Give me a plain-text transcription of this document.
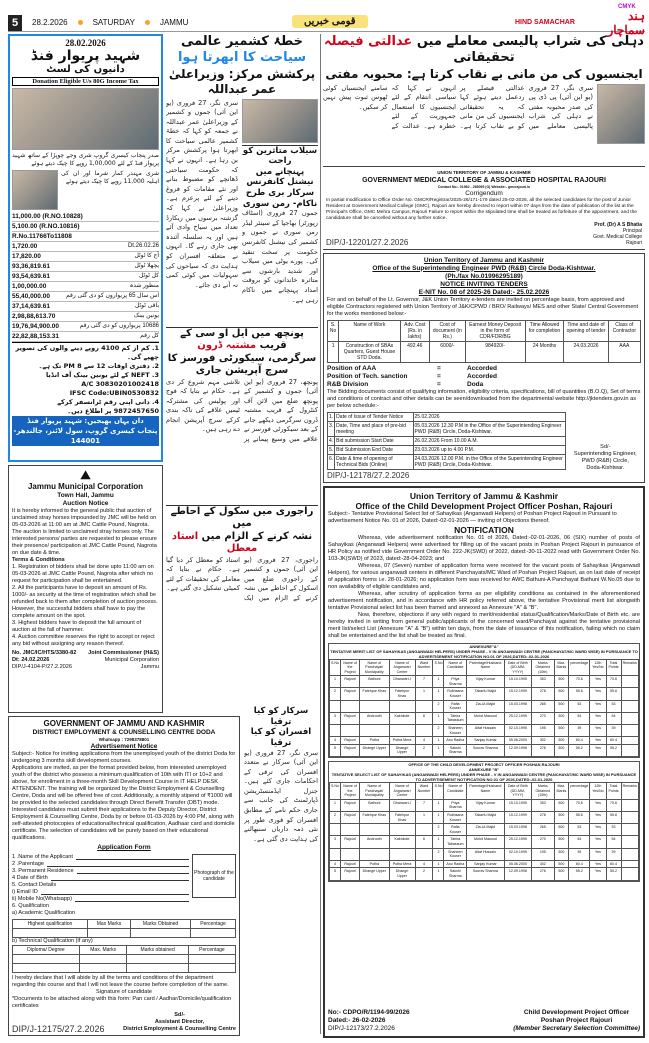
CMYK
5	28.2.2026	SATURDAY	JAMMU	قومی خبریں	HIND SAMACHAR	ہند سماچار
28.02.2026
شہید پریوار فنڈ
دانیوں کی لسٹ
Donation Eligible U/s 80G Income Tax
صدر پنجاب کیسری گروپ شری وجے چوپڑا کے ساتھ شہید پریوار فنڈ کے لئے 1,00,000 روپے کا چیک دیتے ہوئے
شری مہندر کمار شرما اور ان کی اہلیہ 11,000 روپے کا چیک دیتے ہوئے
11,000.00 (R.NO.10828)
5,100.00 (R.NO.10816)
R.No.11766To11808
1,720.00	Dt.26.02.26
17,820.00	آج کا ٹوٹل
93,36,819.61	پچھلا ٹوٹل
93,54,639.61	کل ٹوٹل
1,00,000.00	منظور شدہ
55,40,000.00	اس سال 65 پریواروں کو دی گئی رقم
37,14,639.61	باقی ٹوٹل
2,98,88,613.70	یونین بینک
19,76,94,900.00	10686 پریواروں کو دی گئی رقم
22,82,88,153.31	کل رقم
1. کم از کم 4100 روپے دینے والوں کی تصویر چھپے گی۔
2. دفتری اوقات 12 سے 8 PM تک ہے۔
3. NEFT کے لئے یونین بینک آف انڈیا
A/C 30830201002418
IFSC Code:UBIN0530832
4. دانی اپنی رقم ٹرانسفر کرکے 9872457650 پر اطلاع دیں۔
دان یہاں بھیجیں: شہید پریوار فنڈ
پنجاب کیسری گروپ، سول لائنز، جالندھر- 144001
⛰
Jammu Municipal Corporation
Town Hall, Jammu
Auction Notice

It is hereby informed to the general public that auction of unclaimed stray horses impounded by JMC will be held on 05-03-2026 at 11:00 am at JMC Cattle Pound, Nagrota.

The auction is limited to unclaimed stray horses only. The interested persons/ parties are requested to please ensure their presence/ participation at JMC Cattle Pound, Nagrota on due date & time.

Terms & Conditions

1. Registration of bidders shall be done upto 11:00 am on 05-03-2026 at JMC Cattle Pound, Nagrota after which no request for participation shall be entertained.

2. All the participants have to deposit an amount of Rs. 1000/- as security at the time of registration which shall be refunded back to them after completion of auction process. However, the successful bidders shall have to pay the complete amount on the spot.

3. Highest bidders have to deposit the full amount of auction at the fall of hammer.

4. Auction committee reserves the right to accept or reject any bid without assigning any reason thereof.

No. JMC/IC/HTS/3380-82 Joint Commissioner (H&S)
Dt: 24.02.2026	Municipal Corporation
DIP/J-4104-P/27.2.2026	Jammu
GOVERNMENT OF JAMMU AND KASHMIR
DISTRICT EMPLOYMENT & COUNSELLING CENTRE DODA
Whatsapp : 7298378801
Advertisement Notice

Subject:- Notice for inviting applications from the unemployed youth of the district Doda for undergoing 3 months skill development courses.

Applications are invited, as per the format provided below, from interested unemployed youth of the district who possess a minimum qualification of 10th with ITI or 10+2 and above, for enrollment in a three-month Skill Development Course in IT HELP DESK ATTENDENT. The training will be organized by the District Employment & Counselling Centre, Doda and will be offered free of cost. Additionally, a monthly stipend of ₹1000 will be provided to the selected candidates through Direct Benefit Transfer (DBT) mode.

Interested candidates must submit their applications to the Deputy Director, District Employment & Counselling Centre, Doda by or before 01-03-2026 by 4:00 PM, along with self-attested photocopies of educational/technical qualification, Aadhaar card and domicile certificate. The selection of candidates will be purely based on their educational qualifications.

Application Form
1 .Name of the Applicant
2 .Parentage
3. Permanent Residence
4 Date of Birth
5. Contact Details
i) Email ID
ii) Mobile No(Whatsapp)
6. Qualification
a) Academic Qualification
Photograph of the candidate
Highest qualification	Max Marks	Marks Obtained	Percentage

b) Technical Qualification (if any)
Diploma/ Degree	Max. Marks	Marks obtained	Percentage

I hereby declare that I will abide by all the terms and conditions of the department regarding this course and that I will not leave the course before completion of the same.

Signature of candidate

*Documents to be attached along with this form: Pan card / Aadhar/Domicile/qualification certificates

DIP/J-12175/27.2.2026
Sd/-
Assistant Director,
District Employment & Counselling Centre
خطۂ کشمیر عالمی سیاحت کا ابھرتا ہوا
پرکشش مرکز: وزیراعلیٰ عمر عبداللہ
سری نگر، 27 فروری (یو این آئی) جموں و کشمیر کے وزیراعلیٰ عمر عبداللہ نے جمعہ کو کہا کہ خطۂ کشمیر عالمی سیاحت کا ابھرتا ہوا پرکشش مرکز بن رہا ہے۔ انہوں نے کہا کہ حکومت سیاحتی ڈھانچے کو مضبوط بنانے اور نئے مقامات کو فروغ دینے کے لئے پرعزم ہے۔ وزیراعلیٰ نے کہا کہ گزشتہ برسوں میں ریکارڈ تعداد میں سیاح وادی آئے ہیں اور یہ سلسلہ آئندہ بھی جاری رہے گا۔ انہوں نے متعلقہ افسران کو ہدایت دی کہ سیاحوں کی سہولیات میں کوئی کمی نہ آنے دی جائے۔
سیلاب متاثرین کو راحت
پہنچانے میں نیشنل کانفرنس
سرکار بری طرح
ناکام- رمن سوری
جموں 27 فروری (اسٹاف رپورٹر) بھاجپا کے سینئر لیڈر رمن سوری نے جموں و کشمیر کی نیشنل کانفرنس حکومت پر سخت تنقید کی۔ پورے یوٹی میں سیلاب اور شدید بارشوں سے متاثرہ خاندانوں کو بروقت امداد پہنچانے میں ناکام رہی ہے۔
پونچھ میں ایل او سی کے قریب مشتبہ ڈرون
سرگرمی، سیکورٹی فورسز کا سرچ آپریشن جاری
پونچھ، 27 فروری (یو این آئی) جموں و کشمیر کے پونچھ ضلع میں لائن آف کنٹرول کے قریب مشتبہ ڈرون سرگرمی دیکھے جانے کے بعد سیکورٹی فورسز نے علاقے میں وسیع پیمانے پر تلاشی مہم شروع کر دی ہے۔ حکام نے بتایا کہ فوج اور پولیس کی مشترکہ ٹیمیں علاقے کی ناکہ بندی کرکے سرچ آپریشن انجام دے رہی ہیں۔
راجوری میں سکول کے احاطے میں
نشہ کرنے کے الزام میں استاد معطل
راجوری، 27 فروری (یو این آئی) جموں و کشمیر کے راجوری ضلع میں اسکول کے احاطے میں نشہ کرنے کے الزام میں ایک استاد کو معطل کر دیا گیا ہے۔ حکام نے بتایا کہ معاملے کی تحقیقات کے لئے کمیٹی تشکیل دی گئی ہے۔
سرکار کو کیا ترقیا
افسران کو کیا ترقیا
سری نگر، 27 فروری (یو این آئی) سرکار نے متعدد افسران کی ترقی کے احکامات جاری کئے ہیں۔ جنرل ایڈمنسٹریشن ڈپارٹمنٹ کی جانب سے جاری حکم نامے کے مطابق افسران کو فوری طور پر نئی ذمہ داریاں سنبھالنے کی ہدایت دی گئی ہے۔
دہلی کی شراب پالیسی معاملے میں عدالتی فیصلہ تحقیقاتی
ایجنسیوں کی من مانی بے نقاب کرتا ہے: محبوبہ مفتی
سری نگر، 27 فروری (یو این آئی) پی ڈی پی کی صدر محبوبہ مفتی نے دہلی کی شراب پالیسی معاملے میں عدالتی فیصلے پر ردعمل دیتے ہوئے کہا کہ یہ تحقیقاتی ایجنسیوں کی من مانی کو بے نقاب کرتا ہے۔ انہوں نے کہا کہ سیاسی انتقام کے لئے ایجنسیوں کا استعمال جمہوریت کے لئے خطرہ ہے۔ عدالت کے سامنے ایجنسیاں کوئی ٹھوس ثبوت پیش نہیں کر سکیں۔
UNION TERRITORY OF JAMMU & KASHMIR
GOVERNMENT MEDICAL COLLEGE & ASSOCIATED HOSPITAL RAJOURI
Contact No:- 01962 - 265099 (O) Website:- gmcrajouri.in
Corrigendum

In partial modification to Office Order No. GMCR/Registrar/2025-26/171-179 dated 25-02-2026, all the selected candidates for the post of Junior Resident at Government Medical College (GMC), Rajouri are hereby directed to report within 07 days from the date of publication of the list at the Principal's Office, GMC Mehra Campus, Rajouri Failure to report within the stipulated time shall be treated as forfeiture of the appointment, and the candidature shall be cancelled without any further notice.

DIP/J-12201/27.2.2026
Prof. (Dr) A S Bhatia
Principal
Govt. Medical College
Rajouri
Union Territory of Jammu and Kashmir
Office of the Superintending Engineer PWD (R&B) Circle Doda-Kishtwar.
(Ph./fax No.01996295189)
NOTICE INVITING TENDERS
E-NIT No. 08 of 2025-26 Dated:- 25.02.2026

For and on behalf of the Lt. Governor, J&K Union Territory e-tenders are invited on percentage basis, from approved and eligible Contractors registered with Union Territory of J&K/CPWD / BRO/ Railways/ MES and other State/ Central Government for the works mentioned below:-

S. No	Name of Work	Adv. Cost (Rs. in lakhs)	Cost of document (in Rs.)	Earnest Money Deposit in the form of CDR/FDR/BG	Time Allowed for completion	Time and date of opening of tender	Class of Contractor
1	Construction of SBAs Quarters, Guest House STD Doda.	492.46	6000/-	984920/-	24 Months	24.03.2026	AAA
Position of AAA	=	Accorded
Position of Tech. sanction	=	Accorded
R&B Division	=	Doda

The Bidding documents consist of qualifying information, eligibility criteria, specifications, bill of quantities (B.O.Q), Set of terms and conditions of contract and other details can be seen/downloaded from the departmental website http://jktenders.gov.in as per below schedule:-

1.	Date of Issue of Tender Notice	25.02.2026
3.	Date, Time and place of pre-bid meeting	05.03.2026 12.30 P.M in the Office of the Superintending Engineer PWD (R&B) Circle, Doda-Kishtwar.
4.	Bid submission Start Date	26.02.2026 From 10.00 A.M.
5.	Bid Submission End Date	23.03.2026 up to 4.00 P.M.
6.	Date & time of opening of Technical Bids (Online)	24.03.2026 12.00 P.M. in the Office of the Superintending Engineer PWD (R&B) Circle, Doda-Kishtwar.
Sd/-
Superintending Engineer,
PWD (R&B) Circle,
Doda-Kishtwar.
DIP/J-12178/27.2.2026
Union Territory of Jammu & Kashmir
Office of the Child Development Project Officer Poshan, Rajouri

Subject:- Tentative Provisional Select list of Sahayikas (Anganwadi Helpers) of Poshan Project Rajouri in Pursuant to advertisement Notice No. 01 of 2026, Dated:-02-01-2026 — inviting of Objections thereof.

NOTIFICATION

Whereas, vide advertisement notification No. 01 of 2026, Dated:-02-01-2026, 06 (SIX) number of posts of Sahayikas (Anganwadi Helpers) were advertised for filling up of the vacant posts in Poshan Project Rajouri in pursuance of HR Policy as notified vide Government Order No. 222-JK(SWD) of 2022, dated:-30-11-2022 read with Government Order No. 103-JK(SWD) of 2023, dated:-28-04-2023; and

Whereas, 07 (Seven) number of application forms were received for the vacant posts of Sahayikas (Anganwadi Helpers), for various anganwadi centers in different Panchayats/MC Ward of Poshan Project Rajouri, as on last date of receipt of application forms i.e. 28-01-2026; no application form was received for AWC Bathuni-A Panchayat Bathuni W.No.05 due to non availability of eligible candidates and,

Whereas, after scrutiny of application forms as per eligibility conditions as contained in the aforementioned advertisement notification, and in accordance with HR policy referred above, the tentative Provisional merit list alongwith tentative Provisional select list has been framed and annexed as Annexure "A" & "B".

Now, therefore, objections if any with regard to merit/residential status/Qualification/Marks/Date of Birth etc. are hereby invited in writing from general public/applicants of the concerned ward/Panchayat against the tentative provisional merit list/select List (Annexure "A" & "B") within ten days, from the date of issuance of this notification, failing which no claim shall be entertained and the list shall be treated as final.

ANNEXURE"A"
TENTATIVE MERIT LIST OF SAHAYIKAS (ANGANWADI HELPERS) UNDER PHASE - V IN ANGANWADI CENTRE (PANCHAYAT/MC WARD WISE) IN PURSUANCE TO ADVERTISEMENT NOTIFICATION NO.01 OF 2026,DATED:-02-01-2026
S.No	Name of the Project	Name of Panchayat/ Municipality	Name of Anganwari Centre	Ward Number	S.No	Name of Candidate	Parentage/Husband Name	Date of Birth (DD-MM-YYYY)	Marks Obtained (10th)	Max. Marks	percentage	12th Yes/No	Total Points	Remarks
1	Rajouri	Bathuni	Dhanwari-I	7	1	Priya Sharma	Vijay Kumar	15.10.1995	353	500	70.6	Yes	70.6	
2	Rajouri	Fatehpur Khas	Fatehpur Khas	1	1	Rukhsana Kouser	Takarfu Majid	15.12.1999	278	500	55.6	Yes	55.6	
					2	Rafia Kouser	Zia-Ul-Majid	15.03.1998	265	500	53	Yes	53	
3	Rajouri	Androoth	Kakhkote	6	1	Tahira Tabassum	Mohd Masood	25.12.1995	270	500	54	Yes	54	
					2	Shaheen Kouser	Altaf Hussain	02.10.1995	195	500	39	Yes	39	
4	Rajouri	Potha	Potha Mera	4	1	Anu Radha	Sanjay Kumar	05.06.2000	302	500	60.4	Yes	60.4	
5	Rajouri	Dhangri Upper	Dhangri Upper	2	1	Sakshi Sharma	Sourav Sharma	12.09.1998	276	500	55.2	Yes	55.2	
OFFICE OF THE CHILD DEVELOPMENT PROJECT OFFICER POSHAN RAJOURI
ANNEXURE "B"
TENTATIVE SELECT LIST OF SAHAYIKAS (ANGANWADI HELPERS) UNDER PHASE - V IN ANGANWADI CENTRE (PANCHAYAT/MC WARD WISE) IN PURSUANCE TO ADVERTISEMENT NOTIFICATION NO.01 OF 2026,DATED:-02-01-2026
S.No	Name of the Project	Name of Panchayat/ Municipality	Name of Anganwari Centre	Ward Number	S.No	Name of Candidate	Parentage/Husband Name	Date of Birth (DD-MM-YYYY)	Marks Obtained (10th)	Max. Marks	percentage	12th Yes/No	Total Points	Remarks
1	Rajouri	Bathuni	Dhanwari-I	7	1	Priya Sharma	Vijay Kumar	15.10.1995	353	500	70.6	Yes	70.6	
2	Rajouri	Fatehpur Khas	Fatehpur Khas	1	1	Rukhsana Kouser	Takarfu Majid	15.12.1999	278	500	55.6	Yes	55.6	
					2	Rafia Kouser	Zia-Ul-Majid	15.03.1998	265	500	53	Yes	53	
3	Rajouri	Androoth	Kakhkote	6	1	Tahira Tabassum	Mohd Masood	25.12.1995	270	500	54	Yes	54	
					2	Shaheen Kouser	Altaf Hussain	02.10.1995	195	500	39	Yes	39	
4	Rajouri	Potha	Potha Mera	4	1	Anu Radha	Sanjay Kumar	05.06.2000	302	500	60.4	Yes	60.4	
5	Rajouri	Dhangri Upper	Dhangri Upper	2	1	Sakshi Sharma	Sourav Sharma	12.09.1998	276	500	55.2	Yes	55.2	
No:- CDPO/R/1194-99/2026
Dated:- 26-02-2026
DIP/J-12173/27.2.2026
Child Development Project Officer
Poshan Project Rajouri
(Member Secretary Selection Committee)
